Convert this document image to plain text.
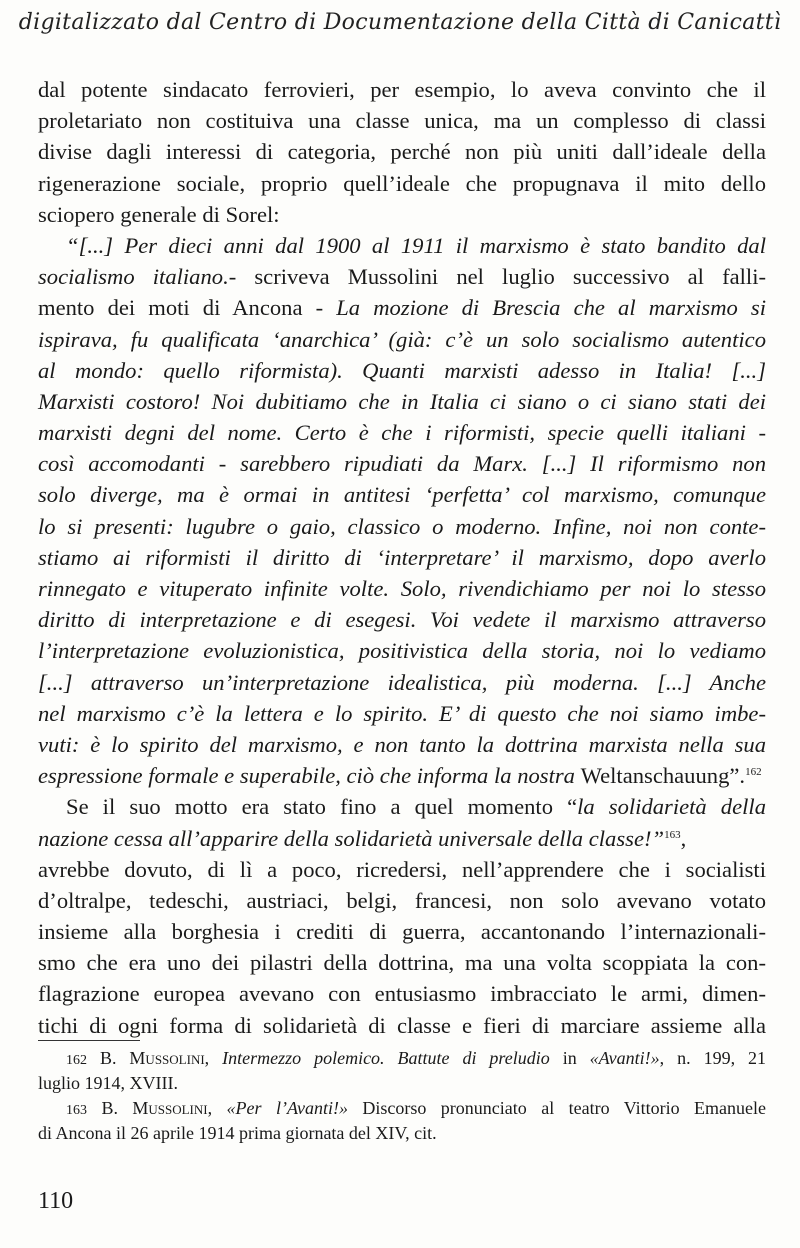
digitalizzato dal Centro di Documentazione della Città di Canicattì
dal potente sindacato ferrovieri, per esempio, lo aveva convinto che il
proletariato non costituiva una classe unica, ma un complesso di classi
divise dagli interessi di categoria, perché non più uniti dall’ideale della
rigenerazione sociale, proprio quell’ideale che propugnava il mito dello
sciopero generale di Sorel:
“[...] Per dieci anni dal 1900 al 1911 il marxismo è stato bandito dal
socialismo italiano.- scriveva Mussolini nel luglio successivo al falli-
mento dei moti di Ancona - La mozione di Brescia che al marxismo si
ispirava, fu qualificata ‘anarchica’ (già: c’è un solo socialismo autentico
al mondo: quello riformista). Quanti marxisti adesso in Italia! [...]
Marxisti costoro! Noi dubitiamo che in Italia ci siano o ci siano stati dei
marxisti degni del nome. Certo è che i riformisti, specie quelli italiani -
così accomodanti - sarebbero ripudiati da Marx. [...] Il riformismo non
solo diverge, ma è ormai in antitesi ‘perfetta’ col marxismo, comunque
lo si presenti: lugubre o gaio, classico o moderno. Infine, noi non conte-
stiamo ai riformisti il diritto di ‘interpretare’ il marxismo, dopo averlo
rinnegato e vituperato infinite volte. Solo, rivendichiamo per noi lo stesso
diritto di interpretazione e di esegesi. Voi vedete il marxismo attraverso
l’interpretazione evoluzionistica, positivistica della storia, noi lo vediamo
[...] attraverso un’interpretazione idealistica, più moderna. [...] Anche
nel marxismo c’è la lettera e lo spirito. E’ di questo che noi siamo imbe-
vuti: è lo spirito del marxismo, e non tanto la dottrina marxista nella sua
espressione formale e superabile, ciò che informa la nostra Weltanschauung”.$^{162}$
Se il suo motto era stato fino a quel momento “la solidarietà della
nazione cessa all’apparire della solidarietà universale della classe!”$^{163}$,
avrebbe dovuto, di lì a poco, ricredersi, nell’apprendere che i socialisti
d’oltralpe, tedeschi, austriaci, belgi, francesi, non solo avevano votato
insieme alla borghesia i crediti di guerra, accantonando l’internazionali-
smo che era uno dei pilastri della dottrina, ma una volta scoppiata la con-
flagrazione europea avevano con entusiasmo imbracciato le armi, dimen-
tichi di ogni forma di solidarietà di classe e fieri di marciare assieme alla
162 B. Mussolini, Intermezzo polemico. Battute di preludio in «Avanti!», n. 199, 21
luglio 1914, XVIII.
163 B. Mussolini, «Per l’Avanti!» Discorso pronunciato al teatro Vittorio Emanuele
di Ancona il 26 aprile 1914 prima giornata del XIV, cit.
110
